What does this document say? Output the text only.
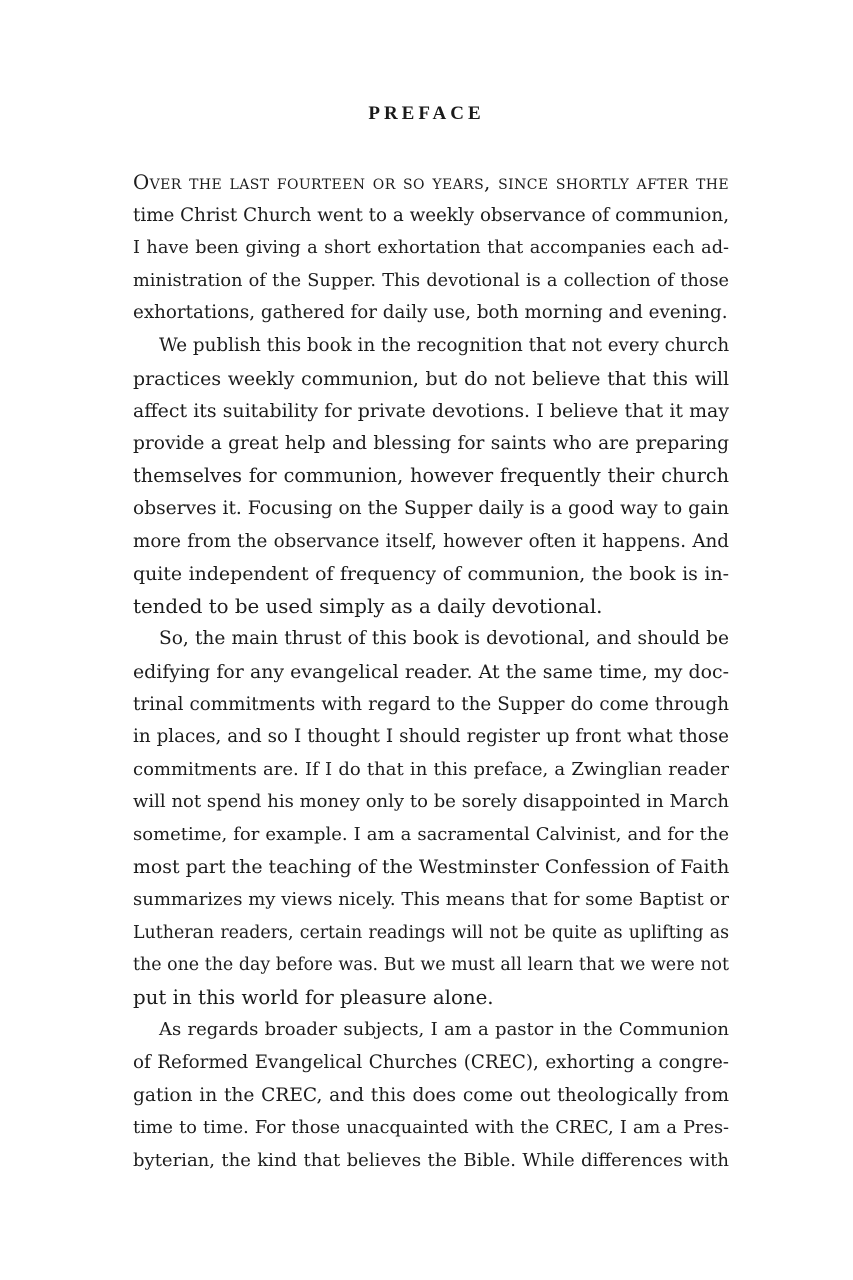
PREFACE
Over the last fourteen or so years, since shortly after the
time Christ Church went to a weekly observance of communion,
I have been giving a short exhortation that accompanies each ad-
ministration of the Supper. This devotional is a collection of those
exhortations, gathered for daily use, both morning and evening.
We publish this book in the recognition that not every church
practices weekly communion, but do not believe that this will
affect its suitability for private devotions. I believe that it may
provide a great help and blessing for saints who are preparing
themselves for communion, however frequently their church
observes it. Focusing on the Supper daily is a good way to gain
more from the observance itself, however often it happens. And
quite independent of frequency of communion, the book is in-
tended to be used simply as a daily devotional.
So, the main thrust of this book is devotional, and should be
edifying for any evangelical reader. At the same time, my doc-
trinal commitments with regard to the Supper do come through
in places, and so I thought I should register up front what those
commitments are. If I do that in this preface, a Zwinglian reader
will not spend his money only to be sorely disappointed in March
sometime, for example. I am a sacramental Calvinist, and for the
most part the teaching of the Westminster Confession of Faith
summarizes my views nicely. This means that for some Baptist or
Lutheran readers, certain readings will not be quite as uplifting as
the one the day before was. But we must all learn that we were not
put in this world for pleasure alone.
As regards broader subjects, I am a pastor in the Communion
of Reformed Evangelical Churches (CREC), exhorting a congre-
gation in the CREC, and this does come out theologically from
time to time. For those unacquainted with the CREC, I am a Pres-
byterian, the kind that believes the Bible. While differences with
